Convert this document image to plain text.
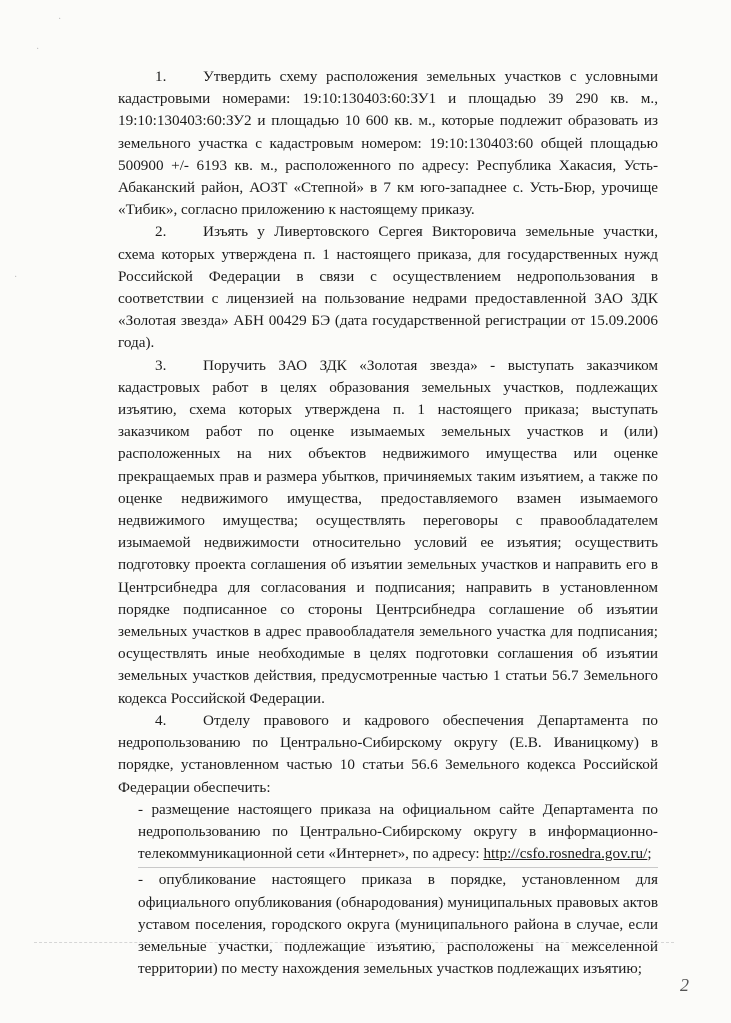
·
·
·

1. Утвердить схему расположения земельных участков с условными кадастровыми номерами: 19:10:130403:60:ЗУ1 и площадью 39 290 кв. м., 19:10:130403:60:ЗУ2 и площадью 10 600 кв. м., которые подлежит образовать из земельного участка с кадастровым номером: 19:10:130403:60 общей площадью 500900 +/- 6193 кв. м., расположенного по адресу: Республика Хакасия, Усть-Абаканский район, АОЗТ «Степной» в 7 км юго-западнее с. Усть-Бюр, урочище «Тибик», согласно приложению к настоящему приказу.

2. Изъять у Ливертовского Сергея Викторовича земельные участки, схема которых утверждена п. 1 настоящего приказа, для государственных нужд Российской Федерации в связи с осуществлением недропользования в соответствии с лицензией на пользование недрами предоставленной ЗАО ЗДК «Золотая звезда» АБН 00429 БЭ (дата государственной регистрации от 15.09.2006 года).

3. Поручить ЗАО ЗДК «Золотая звезда» - выступать заказчиком кадастровых работ в целях образования земельных участков, подлежащих изъятию, схема которых утверждена п. 1 настоящего приказа; выступать заказчиком работ по оценке изымаемых земельных участков и (или) расположенных на них объектов недвижимого имущества или оценке прекращаемых прав и размера убытков, причиняемых таким изъятием, а также по оценке недвижимого имущества, предоставляемого взамен изымаемого недвижимого имущества; осуществлять переговоры с правообладателем изымаемой недвижимости относительно условий ее изъятия; осуществить подготовку проекта соглашения об изъятии земельных участков и направить его в Центрсибнедра для согласования и подписания; направить в установленном порядке подписанное со стороны Центрсибнедра соглашение об изъятии земельных участков в адрес правообладателя земельного участка для подписания; осуществлять иные необходимые в целях подготовки соглашения об изъятии земельных участков действия, предусмотренные частью 1 статьи 56.7 Земельного кодекса Российской Федерации.

4. Отделу правового и кадрового обеспечения Департамента по недропользованию по Центрально-Сибирскому округу (Е.В. Иваницкому) в порядке, установленном частью 10 статьи 56.6 Земельного кодекса Российской Федерации обеспечить:

- размещение настоящего приказа на официальном сайте Департамента по недропользованию по Центрально-Сибирскому округу в информационно-телекоммуникационной сети «Интернет», по адресу: http://csfo.rosnedra.gov.ru/;

- опубликование настоящего приказа в порядке, установленном для официального опубликования (обнародования) муниципальных правовых актов уставом поселения, городского округа (муниципального района в случае, если земельные участки, подлежащие изъятию, расположены на межселенной территории) по месту нахождения земельных участков подлежащих изъятию;

2
